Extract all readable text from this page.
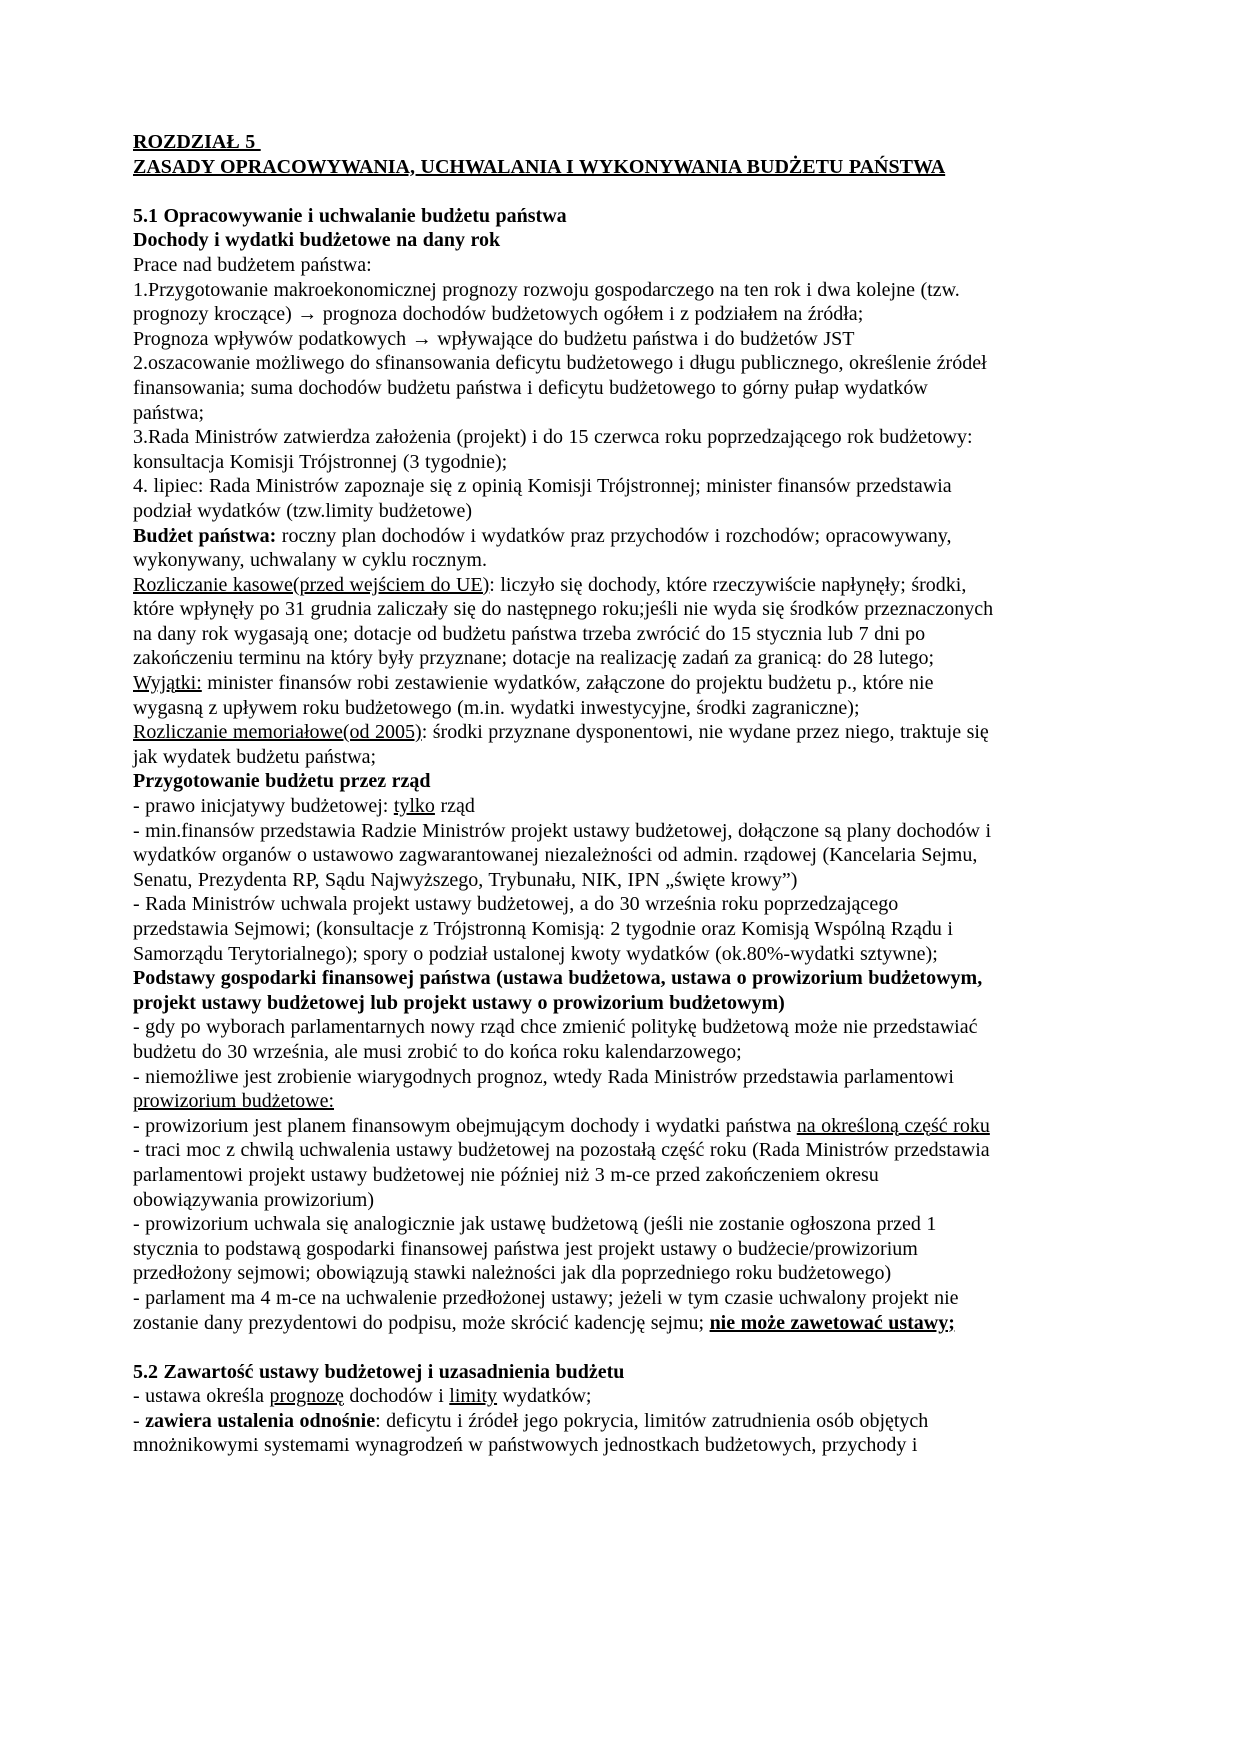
ROZDZIAŁ 5

ZASADY OPRACOWYWANIA, UCHWALANIA I WYKONYWANIA BUDŻETU PAŃSTWA

5.1 Opracowywanie i uchwalanie budżetu państwa

Dochody i wydatki budżetowe na dany rok

Prace nad budżetem państwa:

1.Przygotowanie makroekonomicznej prognozy rozwoju gospodarczego na ten rok i dwa kolejne (tzw. prognozy kroczące) → prognoza dochodów budżetowych ogółem i z podziałem na źródła;

Prognoza wpływów podatkowych → wpływające do budżetu państwa i do budżetów JST

2.oszacowanie możliwego do sfinansowania deficytu budżetowego i długu publicznego, określenie źródeł finansowania; suma dochodów budżetu państwa i deficytu budżetowego to górny pułap wydatków państwa;

3.Rada Ministrów zatwierdza założenia (projekt) i do 15 czerwca roku poprzedzającego rok budżetowy: konsultacja Komisji Trójstronnej (3 tygodnie);

4. lipiec: Rada Ministrów zapoznaje się z opinią Komisji Trójstronnej; minister finansów przedstawia podział wydatków (tzw.limity budżetowe)

Budżet państwa: roczny plan dochodów i wydatków praz przychodów i rozchodów; opracowywany, wykonywany, uchwalany w cyklu rocznym.

Rozliczanie kasowe(przed wejściem do UE): liczyło się dochody, które rzeczywiście napłynęły; środki, które wpłynęły po 31 grudnia zaliczały się do następnego roku;jeśli nie wyda się środków przeznaczonych na dany rok wygasają one; dotacje od budżetu państwa trzeba zwrócić do 15 stycznia lub 7 dni po zakończeniu terminu na który były przyznane; dotacje na realizację zadań za granicą: do 28 lutego; Wyjątki: minister finansów robi zestawienie wydatków, załączone do projektu budżetu p., które nie wygasną z upływem roku budżetowego (m.in. wydatki inwestycyjne, środki zagraniczne);

Rozliczanie memoriałowe(od 2005): środki przyznane dysponentowi, nie wydane przez niego, traktuje się jak wydatek budżetu państwa;

Przygotowanie budżetu przez rząd

- prawo inicjatywy budżetowej: tylko rząd

- min.finansów przedstawia Radzie Ministrów projekt ustawy budżetowej, dołączone są plany dochodów i wydatków organów o ustawowo zagwarantowanej niezależności od admin. rządowej (Kancelaria Sejmu, Senatu, Prezydenta RP, Sądu Najwyższego, Trybunału, NIK, IPN „święte krowy”)

- Rada Ministrów uchwala projekt ustawy budżetowej, a do 30 września roku poprzedzającego przedstawia Sejmowi; (konsultacje z Trójstronną Komisją: 2 tygodnie oraz Komisją Wspólną Rządu i Samorządu Terytorialnego); spory o podział ustalonej kwoty wydatków (ok.80%-wydatki sztywne);

Podstawy gospodarki finansowej państwa (ustawa budżetowa, ustawa o prowizorium budżetowym, projekt ustawy budżetowej lub projekt ustawy o prowizorium budżetowym)

- gdy po wyborach parlamentarnych nowy rząd chce zmienić politykę budżetową może nie przedstawiać budżetu do 30 września, ale musi zrobić to do końca roku kalendarzowego;

- niemożliwe jest zrobienie wiarygodnych prognoz, wtedy Rada Ministrów przedstawia parlamentowi prowizorium budżetowe:

- prowizorium jest planem finansowym obejmującym dochody i wydatki państwa na określoną część roku

- traci moc z chwilą uchwalenia ustawy budżetowej na pozostałą część roku (Rada Ministrów przedstawia parlamentowi projekt ustawy budżetowej nie później niż 3 m-ce przed zakończeniem okresu obowiązywania prowizorium)

- prowizorium uchwala się analogicznie jak ustawę budżetową (jeśli nie zostanie ogłoszona przed 1 stycznia to podstawą gospodarki finansowej państwa jest projekt ustawy o budżecie/prowizorium przedłożony sejmowi; obowiązują stawki należności jak dla poprzedniego roku budżetowego)

- parlament ma 4 m-ce na uchwalenie przedłożonej ustawy; jeżeli w tym czasie uchwalony projekt nie zostanie dany prezydentowi do podpisu, może skrócić kadencję sejmu; nie może zawetować ustawy;

5.2 Zawartość ustawy budżetowej i uzasadnienia budżetu

- ustawa określa prognozę dochodów i limity wydatków;

- zawiera ustalenia odnośnie: deficytu i źródeł jego pokrycia, limitów zatrudnienia osób objętych mnożnikowymi systemami wynagrodzeń w państwowych jednostkach budżetowych, przychody i
